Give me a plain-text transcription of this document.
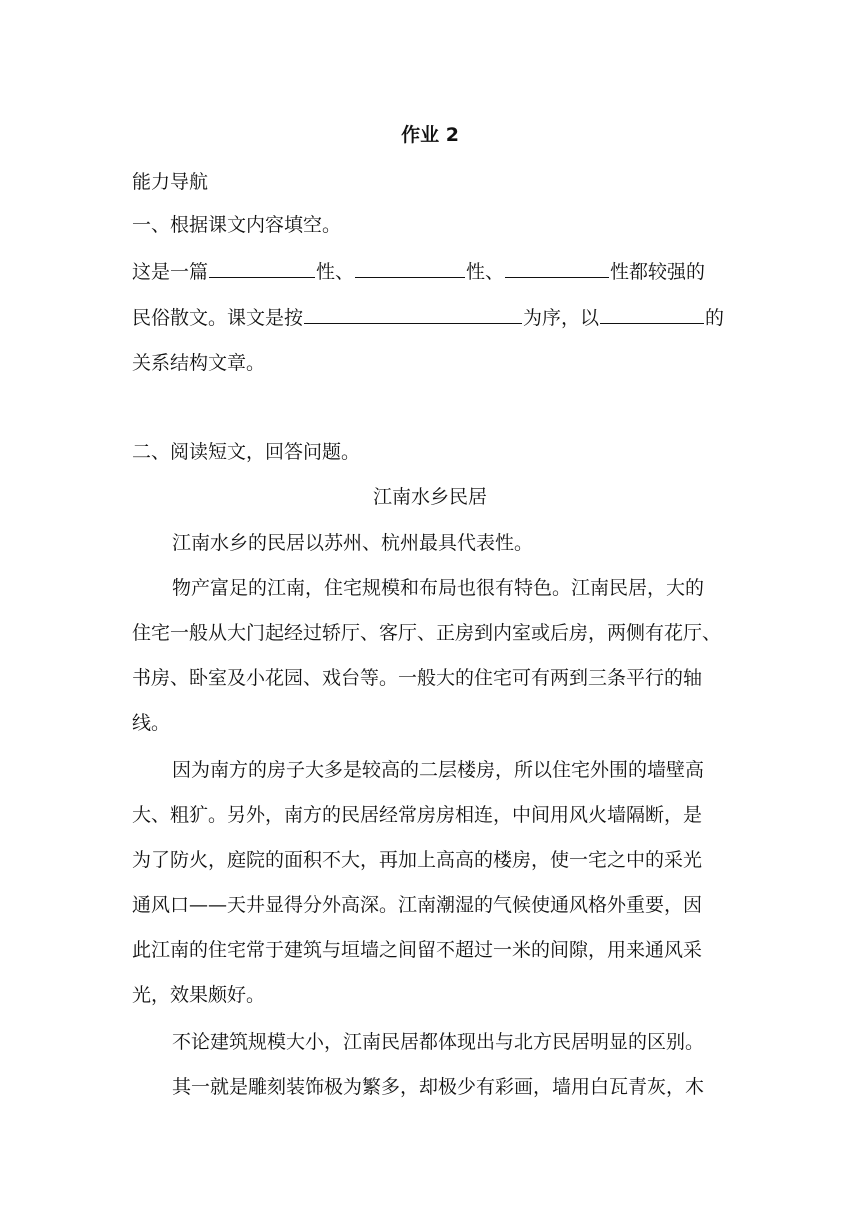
作业 2
能力导航
一、根据课文内容填空。
这是一篇	性、	性、	性都较强的
民俗散文。课文是按	为序，以	的
关系结构文章。
二、阅读短文，回答问题。
江南水乡民居
江南水乡的民居以苏州、杭州最具代表性。
物产富足的江南，住宅规模和布局也很有特色。江南民居，大的
住宅一般从大门起经过轿厅、客厅、正房到内室或后房，两侧有花厅、
书房、卧室及小花园、戏台等。一般大的住宅可有两到三条平行的轴
线。
因为南方的房子大多是较高的二层楼房，所以住宅外围的墙壁高
大、粗犷。另外，南方的民居经常房房相连，中间用风火墙隔断，是
为了防火，庭院的面积不大，再加上高高的楼房，使一宅之中的采光
通风口——天井显得分外高深。江南潮湿的气候使通风格外重要，因
此江南的住宅常于建筑与垣墙之间留不超过一米的间隙，用来通风采
光，效果颇好。
不论建筑规模大小，江南民居都体现出与北方民居明显的区别。
其一就是雕刻装饰极为繁多，却极少有彩画，墙用白瓦青灰，木
